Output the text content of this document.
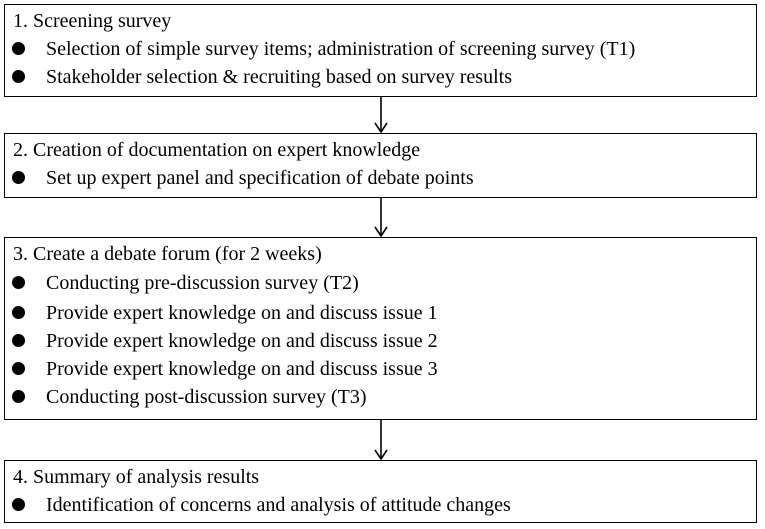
1. Screening survey
Selection of simple survey items; administration of screening survey (T1)
Stakeholder selection & recruiting based on survey results
2. Creation of documentation on expert knowledge
Set up expert panel and specification of debate points
3. Create a debate forum (for 2 weeks)
Conducting pre-discussion survey (T2)
Provide expert knowledge on and discuss issue 1
Provide expert knowledge on and discuss issue 2
Provide expert knowledge on and discuss issue 3
Conducting post-discussion survey (T3)
4. Summary of analysis results
Identification of concerns and analysis of attitude changes
